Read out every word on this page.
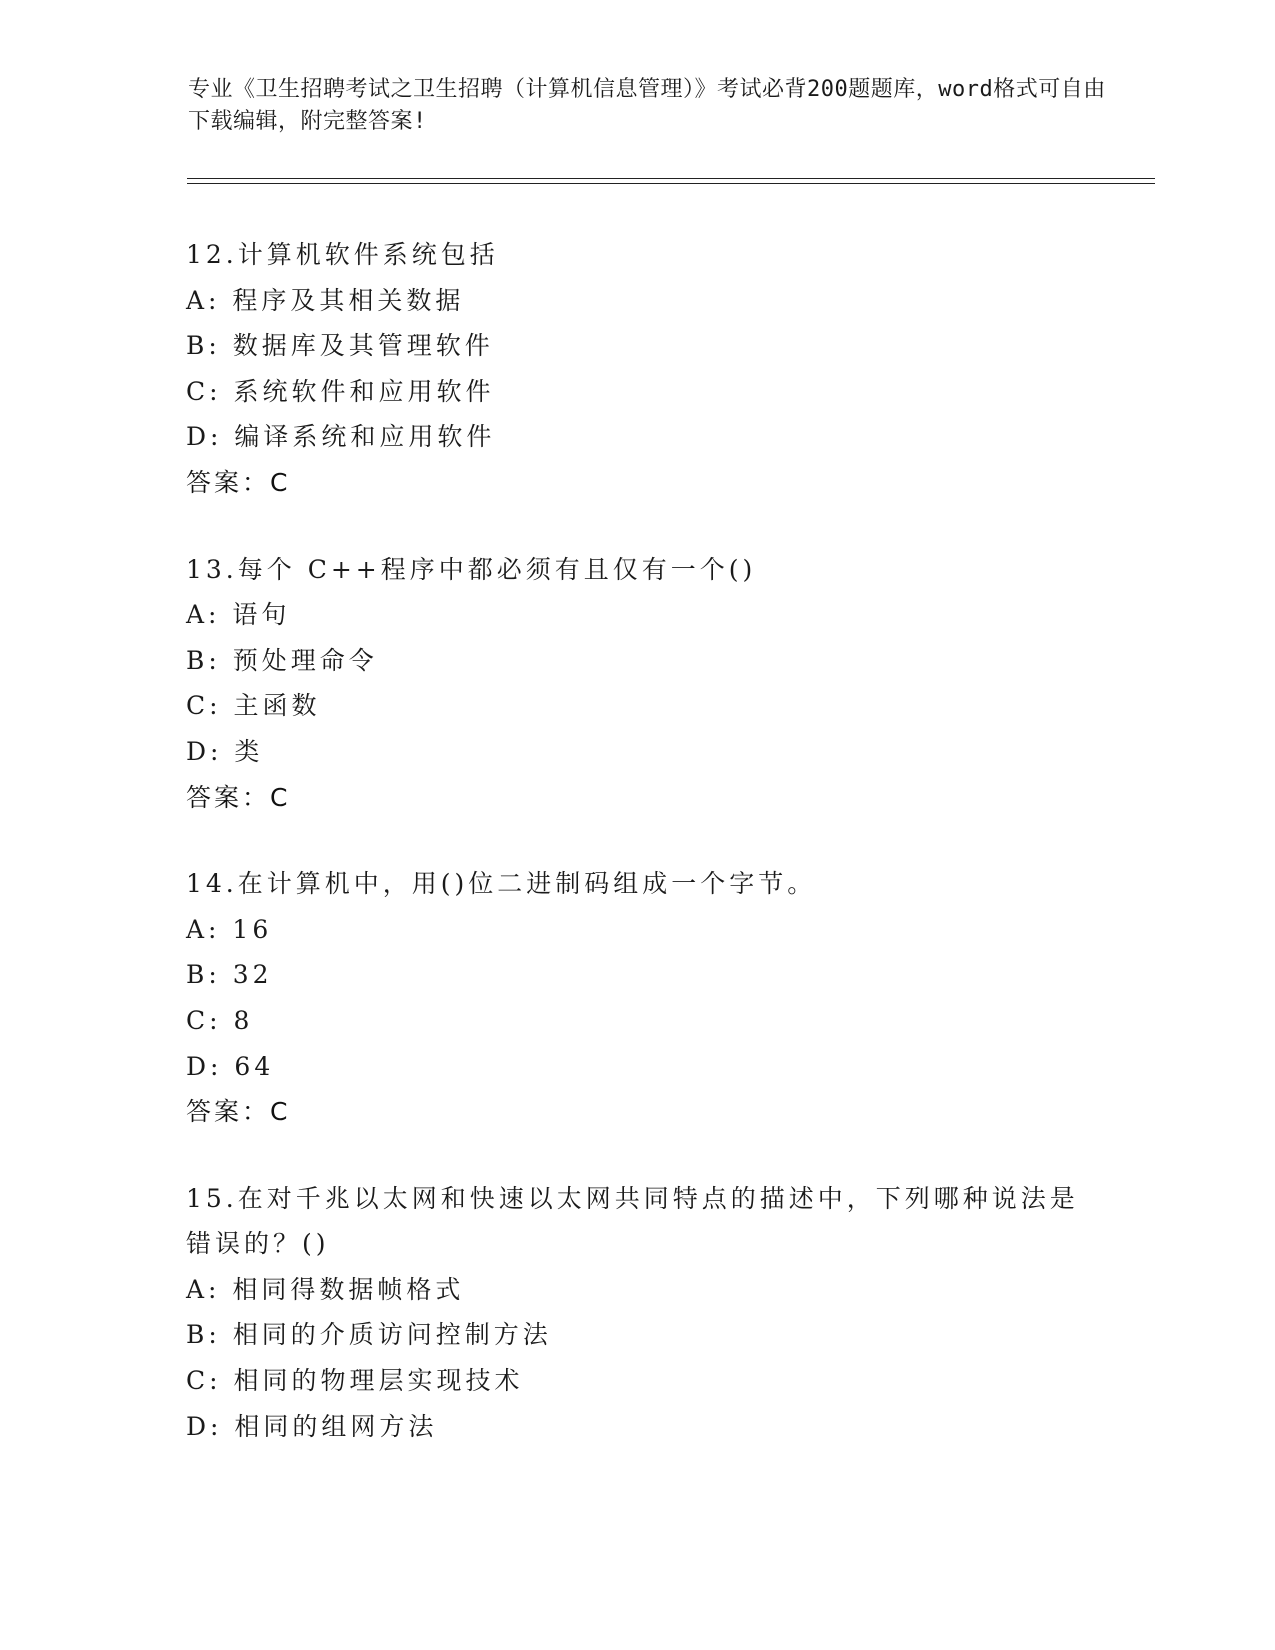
专业《卫生招聘考试之卫生招聘（计算机信息管理）》考试必背200题题库，word格式可自由下载编辑，附完整答案!
12.计算机软件系统包括
A: 程序及其相关数据
B: 数据库及其管理软件
C: 系统软件和应用软件
D: 编译系统和应用软件
答案：C
13.每个 C++程序中都必须有且仅有一个()
A: 语句
B: 预处理命令
C: 主函数
D: 类
答案：C
14.在计算机中，用()位二进制码组成一个字节。
A: 16
B: 32
C: 8
D: 64
答案：C
15.在对千兆以太网和快速以太网共同特点的描述中，下列哪种说法是错误的？()
A: 相同得数据帧格式
B: 相同的介质访问控制方法
C: 相同的物理层实现技术
D: 相同的组网方法
